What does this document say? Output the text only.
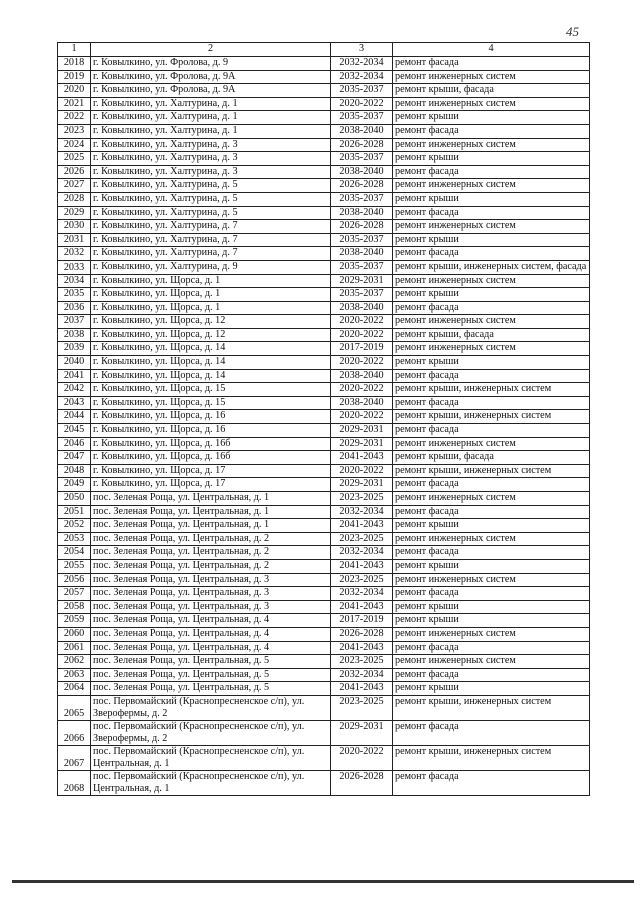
45
1	2	3	4
2018	г. Ковылкино, ул. Фролова, д. 9	2032-2034	ремонт фасада
2019	г. Ковылкино, ул. Фролова, д. 9А	2032-2034	ремонт инженерных систем
2020	г. Ковылкино, ул. Фролова, д. 9А	2035-2037	ремонт крыши, фасада
2021	г. Ковылкино, ул. Халтурина, д. 1	2020-2022	ремонт инженерных систем
2022	г. Ковылкино, ул. Халтурина, д. 1	2035-2037	ремонт крыши
2023	г. Ковылкино, ул. Халтурина, д. 1	2038-2040	ремонт фасада
2024	г. Ковылкино, ул. Халтурина, д. 3	2026-2028	ремонт инженерных систем
2025	г. Ковылкино, ул. Халтурина, д. 3	2035-2037	ремонт крыши
2026	г. Ковылкино, ул. Халтурина, д. 3	2038-2040	ремонт фасада
2027	г. Ковылкино, ул. Халтурина, д. 5	2026-2028	ремонт инженерных систем
2028	г. Ковылкино, ул. Халтурина, д. 5	2035-2037	ремонт крыши
2029	г. Ковылкино, ул. Халтурина, д. 5	2038-2040	ремонт фасада
2030	г. Ковылкино, ул. Халтурина, д. 7	2026-2028	ремонт инженерных систем
2031	г. Ковылкино, ул. Халтурина, д. 7	2035-2037	ремонт крыши
2032	г. Ковылкино, ул. Халтурина, д. 7	2038-2040	ремонт фасада
2033	г. Ковылкино, ул. Халтурина, д. 9	2035-2037	ремонт крыши, инженерных систем, фасада
2034	г. Ковылкино, ул. Щорса, д. 1	2029-2031	ремонт инженерных систем
2035	г. Ковылкино, ул. Щорса, д. 1	2035-2037	ремонт крыши
2036	г. Ковылкино, ул. Щорса, д. 1	2038-2040	ремонт фасада
2037	г. Ковылкино, ул. Щорса, д. 12	2020-2022	ремонт инженерных систем
2038	г. Ковылкино, ул. Щорса, д. 12	2020-2022	ремонт крыши, фасада
2039	г. Ковылкино, ул. Щорса, д. 14	2017-2019	ремонт инженерных систем
2040	г. Ковылкино, ул. Щорса, д. 14	2020-2022	ремонт крыши
2041	г. Ковылкино, ул. Щорса, д. 14	2038-2040	ремонт фасада
2042	г. Ковылкино, ул. Щорса, д. 15	2020-2022	ремонт крыши, инженерных систем
2043	г. Ковылкино, ул. Щорса, д. 15	2038-2040	ремонт фасада
2044	г. Ковылкино, ул. Щорса, д. 16	2020-2022	ремонт крыши, инженерных систем
2045	г. Ковылкино, ул. Щорса, д. 16	2029-2031	ремонт фасада
2046	г. Ковылкино, ул. Щорса, д. 16б	2029-2031	ремонт инженерных систем
2047	г. Ковылкино, ул. Щорса, д. 16б	2041-2043	ремонт крыши, фасада
2048	г. Ковылкино, ул. Щорса, д. 17	2020-2022	ремонт крыши, инженерных систем
2049	г. Ковылкино, ул. Щорса, д. 17	2029-2031	ремонт фасада
2050	пос. Зеленая Роща, ул. Центральная, д. 1	2023-2025	ремонт инженерных систем
2051	пос. Зеленая Роща, ул. Центральная, д. 1	2032-2034	ремонт фасада
2052	пос. Зеленая Роща, ул. Центральная, д. 1	2041-2043	ремонт крыши
2053	пос. Зеленая Роща, ул. Центральная, д. 2	2023-2025	ремонт инженерных систем
2054	пос. Зеленая Роща, ул. Центральная, д. 2	2032-2034	ремонт фасада
2055	пос. Зеленая Роща, ул. Центральная, д. 2	2041-2043	ремонт крыши
2056	пос. Зеленая Роща, ул. Центральная, д. 3	2023-2025	ремонт инженерных систем
2057	пос. Зеленая Роща, ул. Центральная, д. 3	2032-2034	ремонт фасада
2058	пос. Зеленая Роща, ул. Центральная, д. 3	2041-2043	ремонт крыши
2059	пос. Зеленая Роща, ул. Центральная, д. 4	2017-2019	ремонт крыши
2060	пос. Зеленая Роща, ул. Центральная, д. 4	2026-2028	ремонт инженерных систем
2061	пос. Зеленая Роща, ул. Центральная, д. 4	2041-2043	ремонт фасада
2062	пос. Зеленая Роща, ул. Центральная, д. 5	2023-2025	ремонт инженерных систем
2063	пос. Зеленая Роща, ул. Центральная, д. 5	2032-2034	ремонт фасада
2064	пос. Зеленая Роща, ул. Центральная, д. 5	2041-2043	ремонт крыши
2065	пос. Первомайский (Краснопресненское с/п), ул. Зверофермы, д. 2	2023-2025	ремонт крыши, инженерных систем
2066	пос. Первомайский (Краснопресненское с/п), ул. Зверофермы, д. 2	2029-2031	ремонт фасада
2067	пос. Первомайский (Краснопресненское с/п), ул. Центральная, д. 1	2020-2022	ремонт крыши, инженерных систем
2068	пос. Первомайский (Краснопресненское с/п), ул. Центральная, д. 1	2026-2028	ремонт фасада
